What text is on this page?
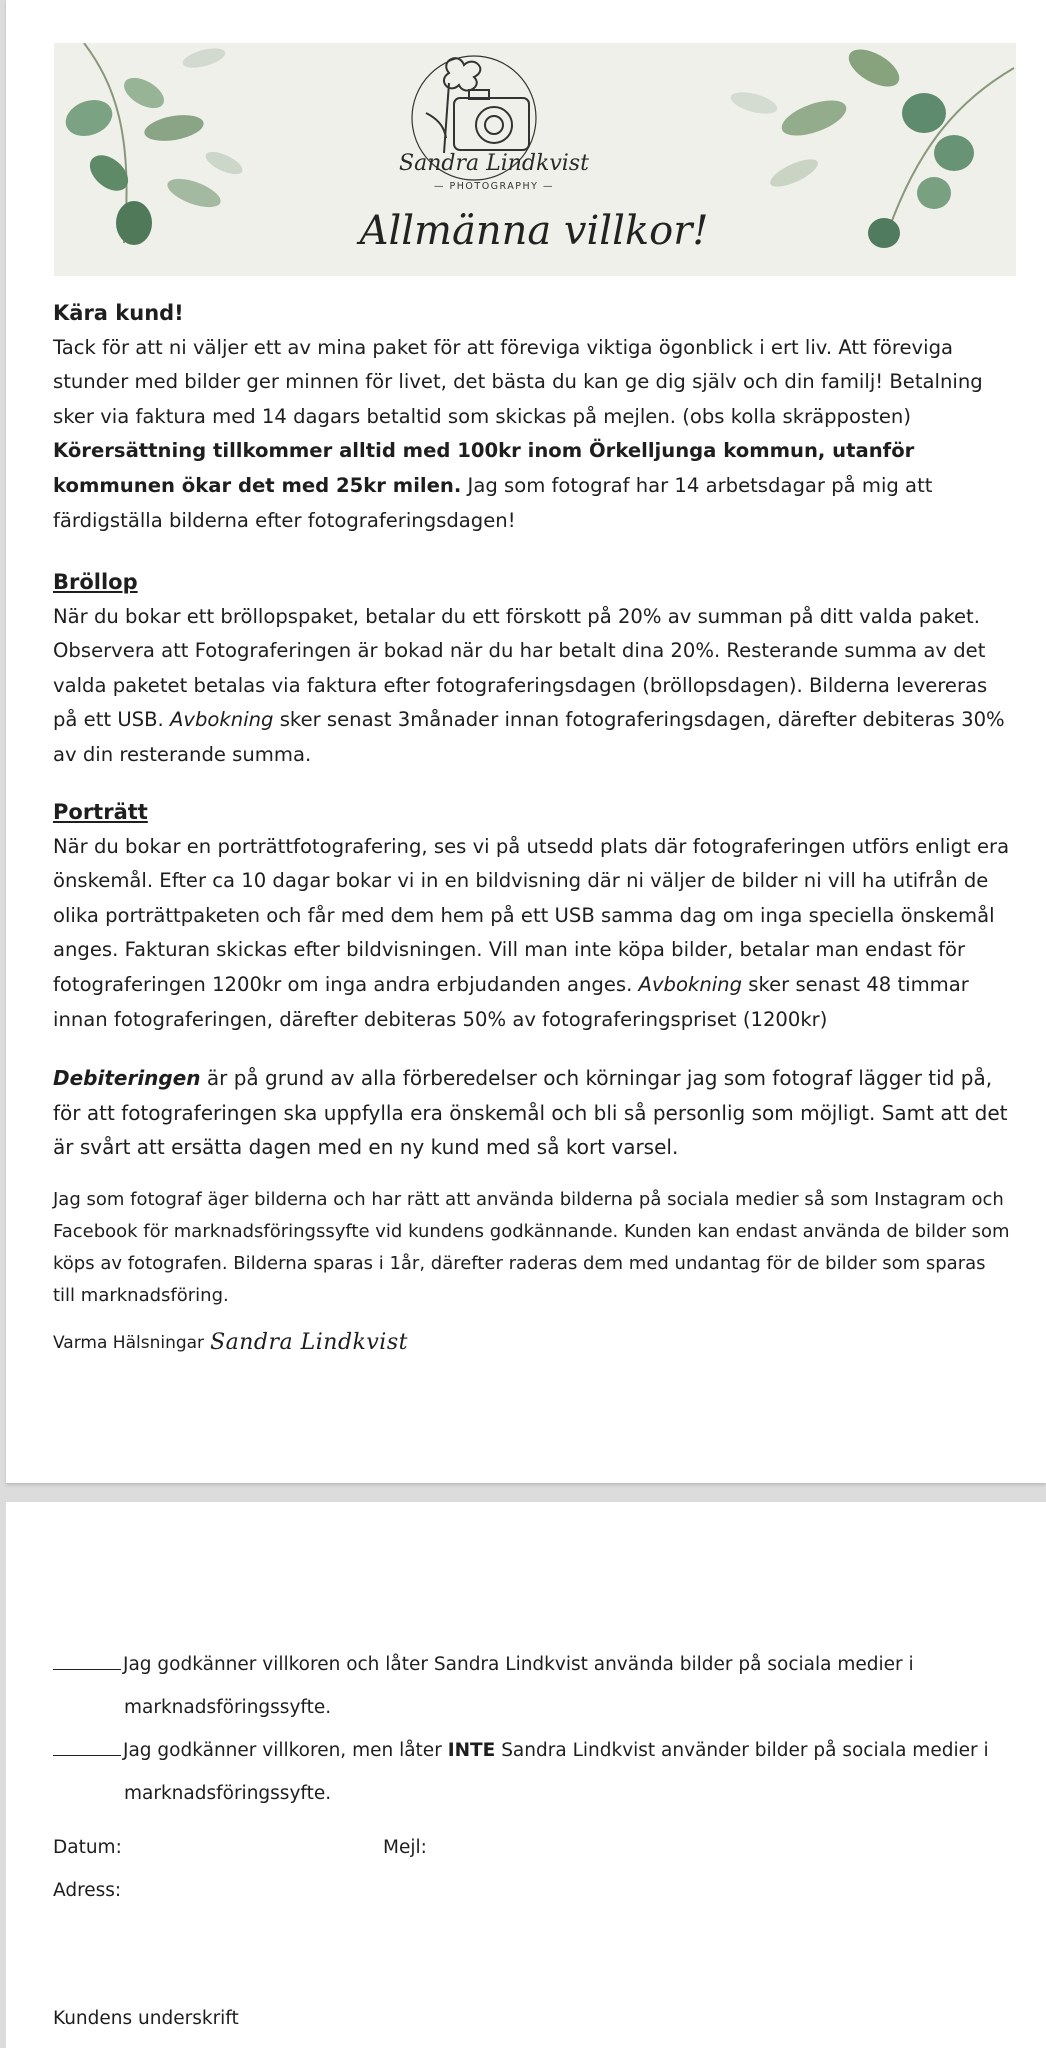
Sandra Lindkvist
— PHOTOGRAPHY —
Allmänna villkor!

Kära kund!

Tack för att ni väljer ett av mina paket för att föreviga viktiga ögonblick i ert liv. Att föreviga stunder med bilder ger minnen för livet, det bästa du kan ge dig själv och din familj! Betalning sker via faktura med 14 dagars betaltid som skickas på mejlen. (obs kolla skräpposten) Körersättning tillkommer alltid med 100kr inom Örkelljunga kommun, utanför kommunen ökar det med 25kr milen. Jag som fotograf har 14 arbetsdagar på mig att färdigställa bilderna efter fotograferingsdagen!

Bröllop

När du bokar ett bröllopspaket, betalar du ett förskott på 20% av summan på ditt valda paket. Observera att Fotograferingen är bokad när du har betalt dina 20%. Resterande summa av det valda paketet betalas via faktura efter fotograferingsdagen (bröllopsdagen). Bilderna levereras på ett USB. Avbokning sker senast 3månader innan fotograferingsdagen, därefter debiteras 30% av din resterande summa.

Porträtt

När du bokar en porträttfotografering, ses vi på utsedd plats där fotograferingen utförs enligt era önskemål. Efter ca 10 dagar bokar vi in en bildvisning där ni väljer de bilder ni vill ha utifrån de olika porträttpaketen och får med dem hem på ett USB samma dag om inga speciella önskemål anges. Fakturan skickas efter bildvisningen. Vill man inte köpa bilder, betalar man endast för fotograferingen 1200kr om inga andra erbjudanden anges. Avbokning sker senast 48 timmar innan fotograferingen, därefter debiteras 50% av fotograferingspriset (1200kr)

Debiteringen är på grund av alla förberedelser och körningar jag som fotograf lägger tid på, för att fotograferingen ska uppfylla era önskemål och bli så personlig som möjligt. Samt att det är svårt att ersätta dagen med en ny kund med så kort varsel.

Jag som fotograf äger bilderna och har rätt att använda bilderna på sociala medier så som Instagram och Facebook för marknadsföringssyfte vid kundens godkännande. Kunden kan endast använda de bilder som köps av fotografen. Bilderna sparas i 1år, därefter raderas dem med undantag för de bilder som sparas till marknadsföring.

Varma Hälsningar Sandra Lindkvist
Jag godkänner villkoren och låter Sandra Lindkvist använda bilder på sociala medier i
marknadsföringssyfte.
Jag godkänner villkoren, men låter INTE Sandra Lindkvist använder bilder på sociala medier i
marknadsföringssyfte.
Datum:	Mejl:
Adress:
Kundens underskrift
